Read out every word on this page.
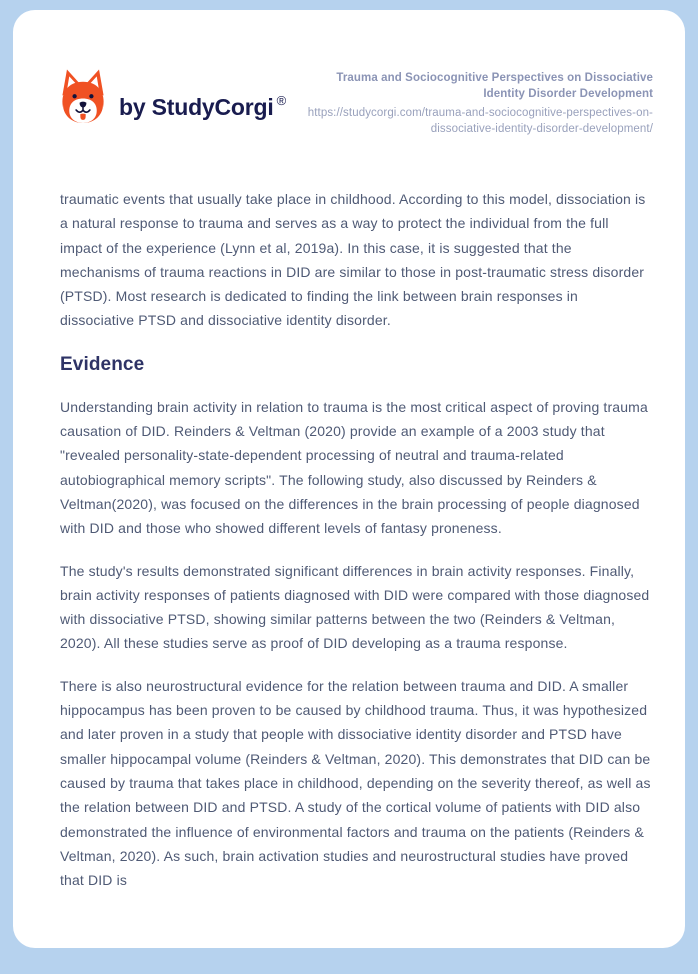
by StudyCorgi ®
Trauma and Sociocognitive Perspectives on Dissociative Identity Disorder Development
https://studycorgi.com/trauma-and-sociocognitive-perspectives-on-dissociative-identity-disorder-development/

traumatic events that usually take place in childhood. According to this model, dissociation is a natural response to trauma and serves as a way to protect the individual from the full impact of the experience (Lynn et al, 2019a). In this case, it is suggested that the mechanisms of trauma reactions in DID are similar to those in post-traumatic stress disorder (PTSD). Most research is dedicated to finding the link between brain responses in dissociative PTSD and dissociative identity disorder.

Evidence

Understanding brain activity in relation to trauma is the most critical aspect of proving trauma causation of DID. Reinders & Veltman (2020) provide an example of a 2003 study that "revealed personality-state-dependent processing of neutral and trauma-related autobiographical memory scripts". The following study, also discussed by Reinders & Veltman(2020), was focused on the differences in the brain processing of people diagnosed with DID and those who showed different levels of fantasy proneness.

The study's results demonstrated significant differences in brain activity responses. Finally, brain activity responses of patients diagnosed with DID were compared with those diagnosed with dissociative PTSD, showing similar patterns between the two (Reinders & Veltman, 2020). All these studies serve as proof of DID developing as a trauma response.

There is also neurostructural evidence for the relation between trauma and DID. A smaller hippocampus has been proven to be caused by childhood trauma. Thus, it was hypothesized and later proven in a study that people with dissociative identity disorder and PTSD have smaller hippocampal volume (Reinders & Veltman, 2020). This demonstrates that DID can be caused by trauma that takes place in childhood, depending on the severity thereof, as well as the relation between DID and PTSD. A study of the cortical volume of patients with DID also demonstrated the influence of environmental factors and trauma on the patients (Reinders & Veltman, 2020). As such, brain activation studies and neurostructural studies have proved that DID is
